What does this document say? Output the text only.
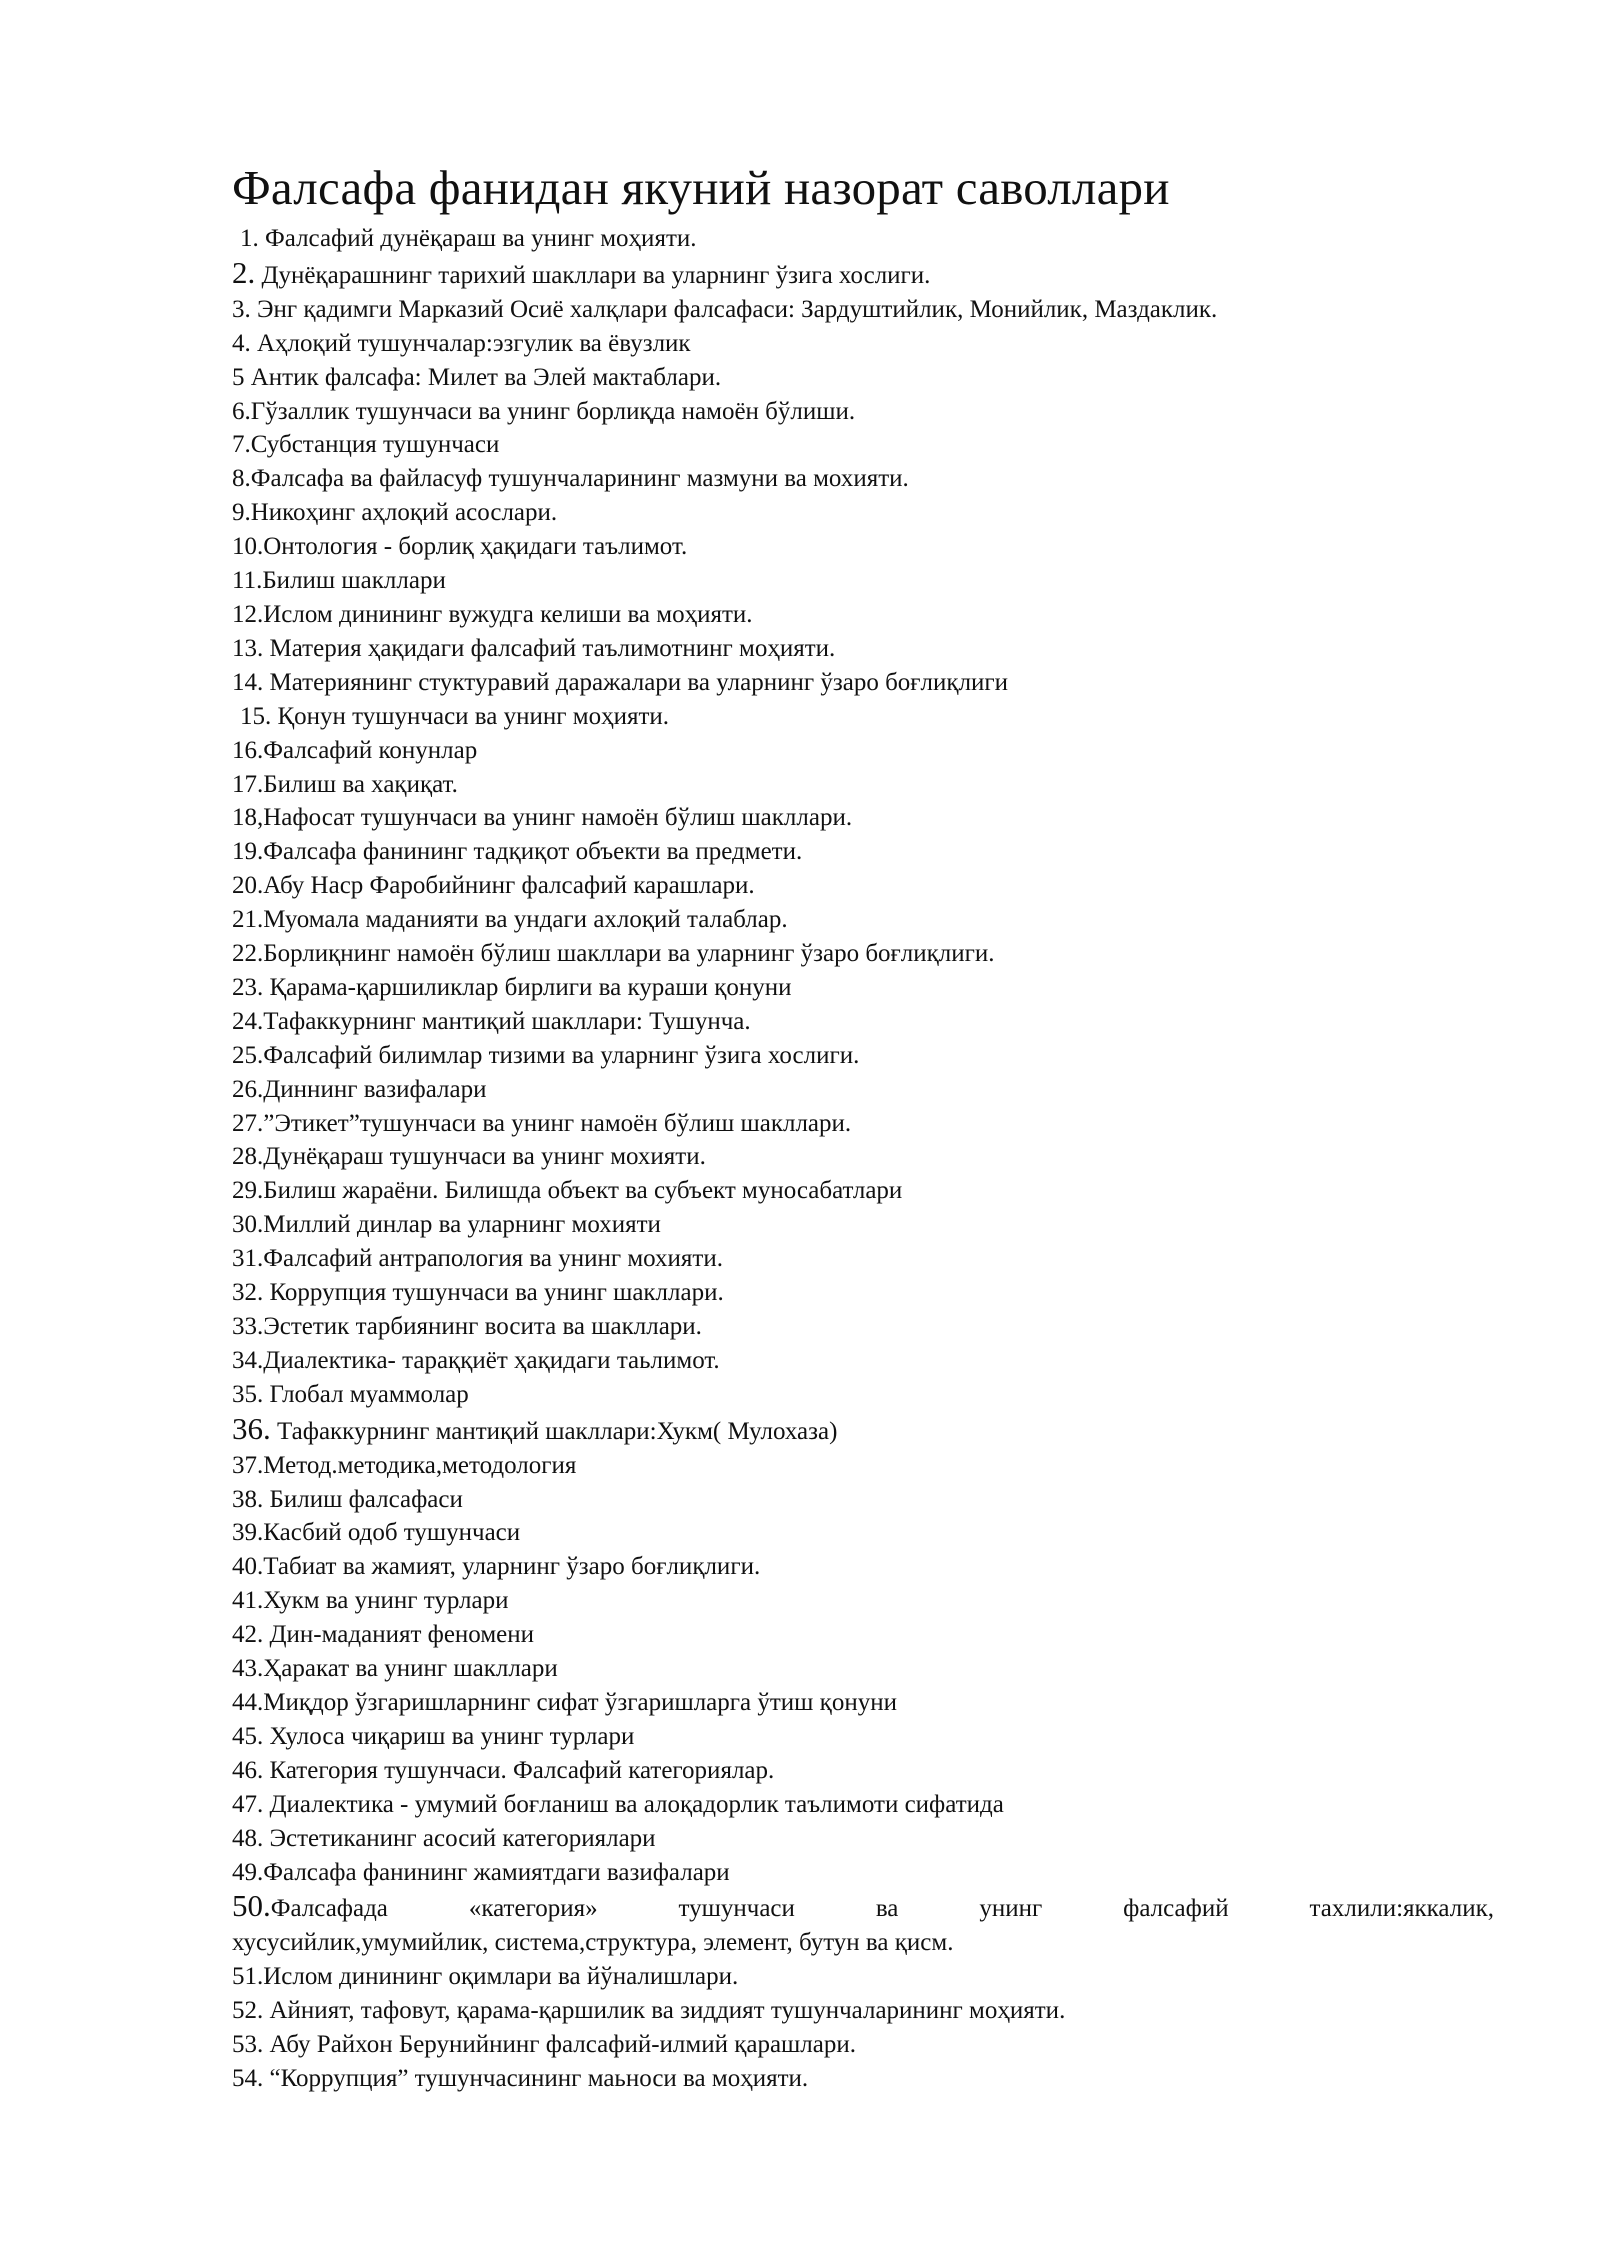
Фалсафа фанидан якуний назорат саволлари

1. Фалсафий дунёқараш ва унинг моҳияти.

2. Дунёқарашнинг тарихий шакллари ва уларнинг ўзига хослиги.

3. Энг қадимги Марказий Осиё халқлари фалсафаси: Зардуштийлик, Монийлик, Маздаклик.

4. Аҳлоқий тушунчалар:эзгулик ва ёвузлик

5 Антик фалсафа: Милет ва Элей мактаблари.

6.Гўзаллик тушунчаси ва унинг борлиқда намоён бўлиши.

7.Субстанция тушунчаси

8.Фалсафа ва файласуф тушунчаларининг мазмуни ва мохияти.

9.Никоҳинг аҳлоқий асослари.

10.Онтология - борлиқ ҳақидаги таълимот.

11.Билиш шакллари

12.Ислом динининг вужудга келиши ва моҳияти.

13. Материя ҳақидаги фалсафий таълимотнинг моҳияти.

14. Материянинг стуктуравий даражалари ва уларнинг ўзаро боғлиқлиги

15. Қонун тушунчаси ва унинг моҳияти.

16.Фалсафий конунлар

17.Билиш ва хақиқат.

18,Нафосат тушунчаси ва унинг намоён бўлиш шакллари.

19.Фалсафа фанининг тадқиқот объекти ва предмети.

20.Абу Наср Фаробийнинг фалсафий карашлари.

21.Муомала маданияти ва ундаги ахлоқий талаблар.

22.Борлиқнинг намоён бўлиш шакллари ва уларнинг ўзаро боғлиқлиги.

23. Қарама-қаршиликлар бирлиги ва кураши қонуни

24.Тафаккурнинг мантиқий шакллари: Тушунча.

25.Фалсафий билимлар тизими ва уларнинг ўзига хослиги.

26.Диннинг вазифалари

27.”Этикет”тушунчаси ва унинг намоён бўлиш шакллари.

28.Дунёқараш тушунчаси ва унинг мохияти.

29.Билиш жараёни. Билишда объект ва субъект муносабатлари

30.Миллий динлар ва уларнинг мохияти

31.Фалсафий антрапология ва унинг мохияти.

32. Коррупция тушунчаси ва унинг шакллари.

33.Эстетик тарбиянинг восита ва шакллари.

34.Диалектика- тараққиёт ҳақидаги таьлимот.

35. Глобал муаммолар

36. Тафаккурнинг мантиқий шакллари:Хукм( Мулохаза)

37.Метод.методика,методология

38. Билиш фалсафаси

39.Касбий одоб тушунчаси

40.Табиат ва жамият, уларнинг ўзаро боғлиқлиги.

41.Хукм ва унинг турлари

42. Дин-маданият феномени

43.Ҳаракат ва унинг шакллари

44.Миқдор ўзгаришларнинг сифат ўзгаришларга ўтиш қонуни

45. Хулоса чиқариш ва унинг турлари

46. Категория тушунчаси. Фалсафий категориялар.

47. Диалектика - умумий боғланиш ва алоқадорлик таълимоти сифатида

48. Эстетиканинг асосий категориялари

49.Фалсафа фанининг жамиятдаги вазифалари

50.Фалсафада «категория» тушунчаси ва унинг фалсафий тахлили:яккалик,

хусусийлик,умумийлик, система,структура, элемент, бутун ва қисм.

51.Ислом динининг оқимлари ва йўналишлари.

52. Айният, тафовут, қарама-қаршилик ва зиддият тушунчаларининг моҳияти.

53. Абу Райхон Берунийнинг фалсафий-илмий қарашлари.

54. “Коррупция” тушунчасининг маьноси ва моҳияти.
